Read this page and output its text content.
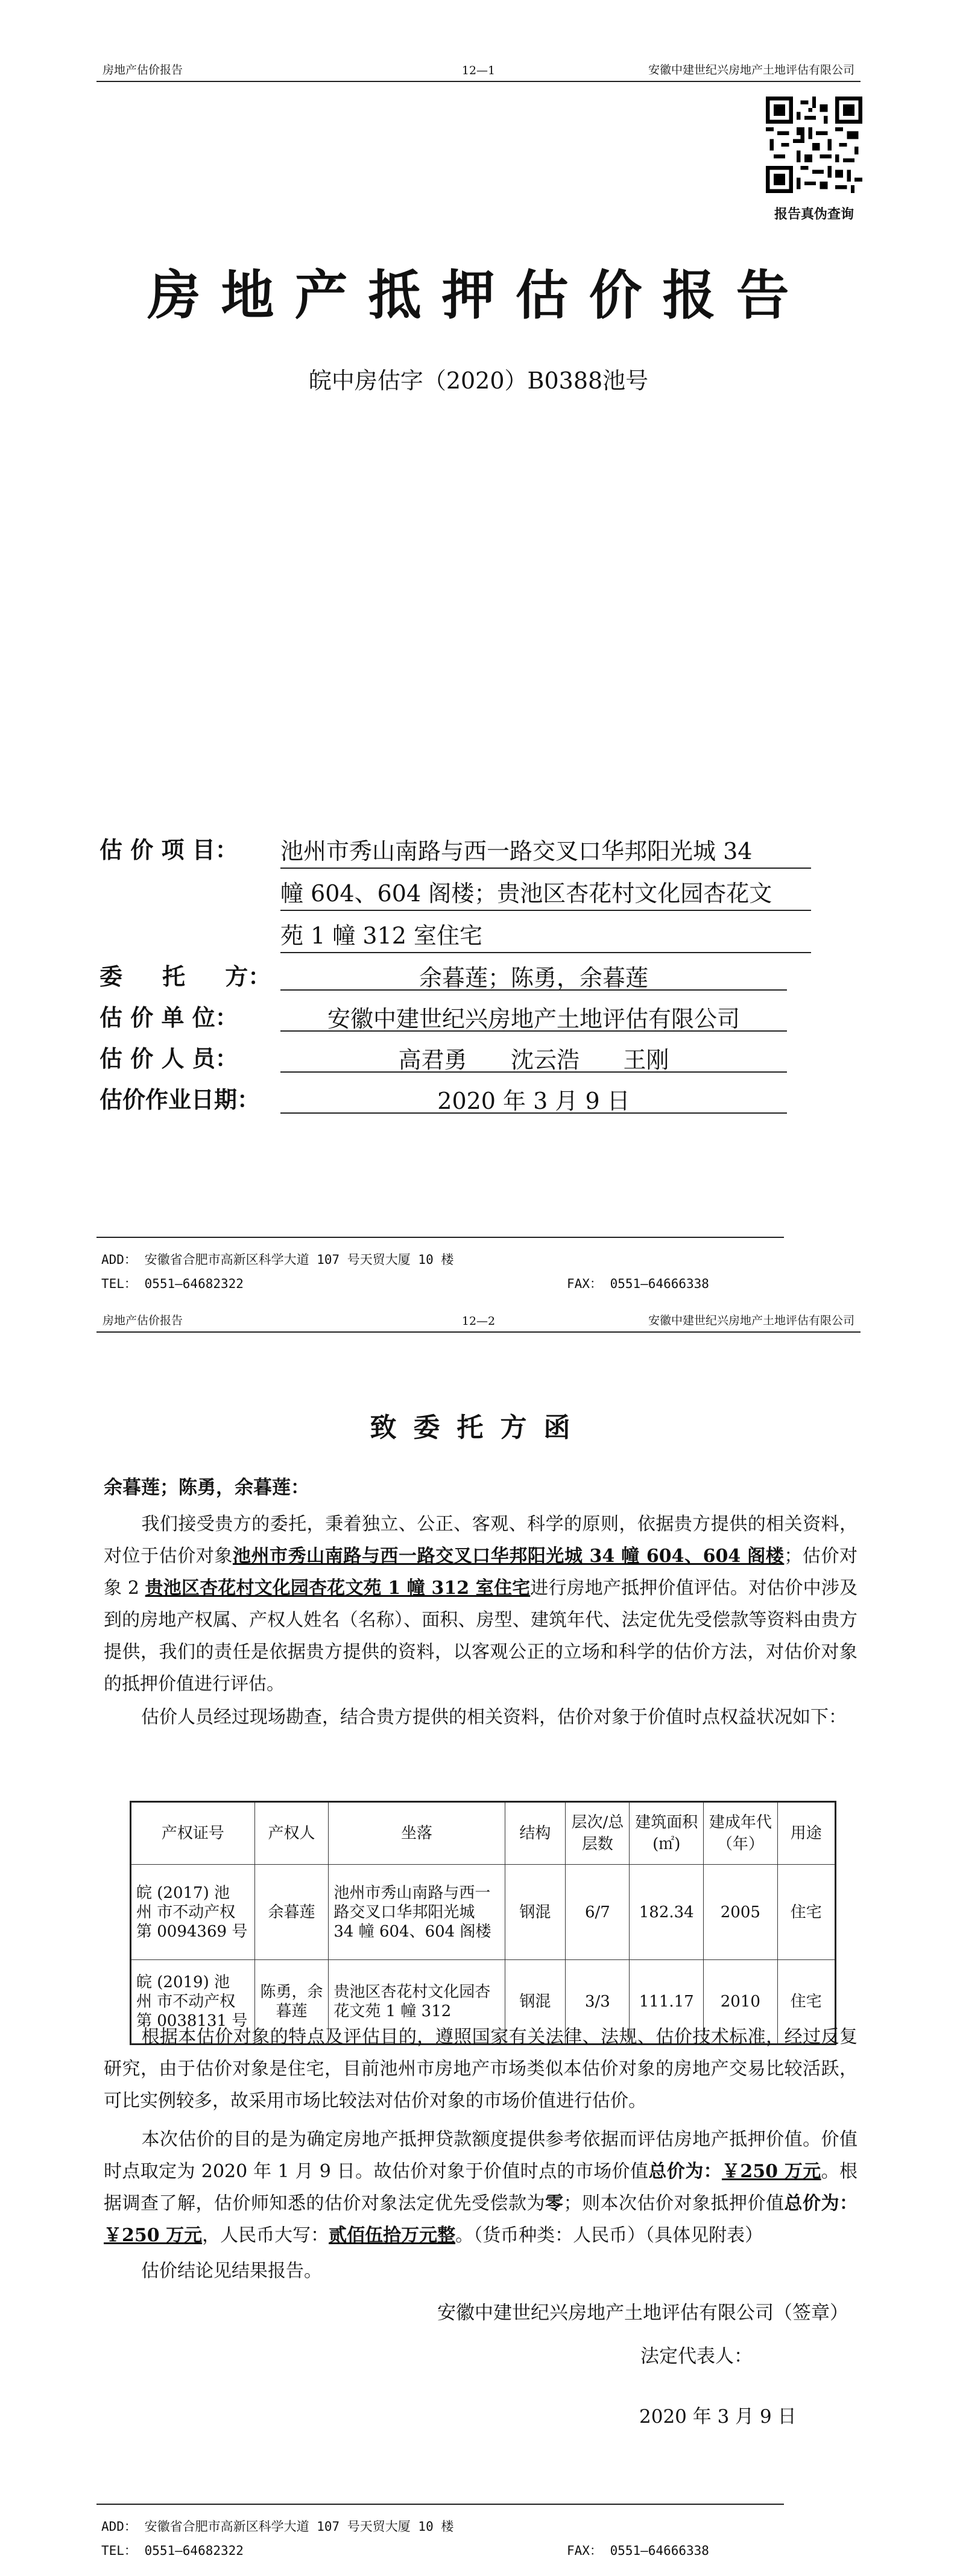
房地产估价报告	12—1	安徽中建世纪兴房地产土地评估有限公司
报告真伪查询
房地产抵押估价报告
皖中房估字（2020）B0388池号
估 价 项 目： 池州市秀山南路与西一路交叉口华邦阳光城 34
幢 604、604 阁楼；贵池区杏花村文化园杏花文
苑 1 幢 312 室住宅
委     托     方：	余暮莲；陈勇，余暮莲
估 价 单 位：	安徽中建世纪兴房地产土地评估有限公司
估 价 人 员：	高君勇      沈云浩      王刚
估价作业日期：	2020 年 3 月 9 日
ADD： 安徽省合肥市高新区科学大道 107 号天贸大厦 10 楼
TEL： 0551—64682322	FAX： 0551—64666338
房地产估价报告	12—2	安徽中建世纪兴房地产土地评估有限公司
致委托方函
余暮莲；陈勇，余暮莲：
我们接受贵方的委托，秉着独立、公正、客观、科学的原则，依据贵方提供的相关资料，对位于估价对象池州市秀山南路与西一路交叉口华邦阳光城 34 幢 604、604 阁楼；估价对象 2 贵池区杏花村文化园杏花文苑 1 幢 312 室住宅进行房地产抵押价值评估。对估价中涉及到的房地产权属、产权人姓名（名称）、面积、房型、建筑年代、法定优先受偿款等资料由贵方提供，我们的责任是依据贵方提供的资料，以客观公正的立场和科学的估价方法，对估价对象的抵押价值进行评估。
估价人员经过现场勘查，结合贵方提供的相关资料，估价对象于价值时点权益状况如下：
产权证号	产权人	坐落	结构	层次/总层数	建筑面积(㎡)	建成年代（年）	用途
皖 (2017) 池 州 市不动产权第 0094369 号	余暮莲	池州市秀山南路与西一路交叉口华邦阳光城 34 幢 604、604 阁楼	钢混	6/7	182.34	2005	住宅
皖 (2019) 池 州 市不动产权第 0038131 号	陈勇，余暮莲	贵池区杏花村文化园杏花文苑 1 幢 312	钢混	3/3	111.17	2010	住宅
根据本估价对象的特点及评估目的，遵照国家有关法律、法规、估价技术标准，经过反复研究，由于估价对象是住宅，目前池州市房地产市场类似本估价对象的房地产交易比较活跃，可比实例较多，故采用市场比较法对估价对象的市场价值进行估价。
本次估价的目的是为确定房地产抵押贷款额度提供参考依据而评估房地产抵押价值。价值时点取定为 2020 年 1 月 9 日。故估价对象于价值时点的市场价值总价为：￥250 万元。根据调查了解，估价师知悉的估价对象法定优先受偿款为零；则本次估价对象抵押价值总价为：￥250 万元，人民币大写：贰佰伍拾万元整。（货币种类：人民币）（具体见附表）
估价结论见结果报告。
安徽中建世纪兴房地产土地评估有限公司（签章）
法定代表人：
2020 年 3 月 9 日
ADD： 安徽省合肥市高新区科学大道 107 号天贸大厦 10 楼
TEL： 0551—64682322	FAX： 0551—64666338
